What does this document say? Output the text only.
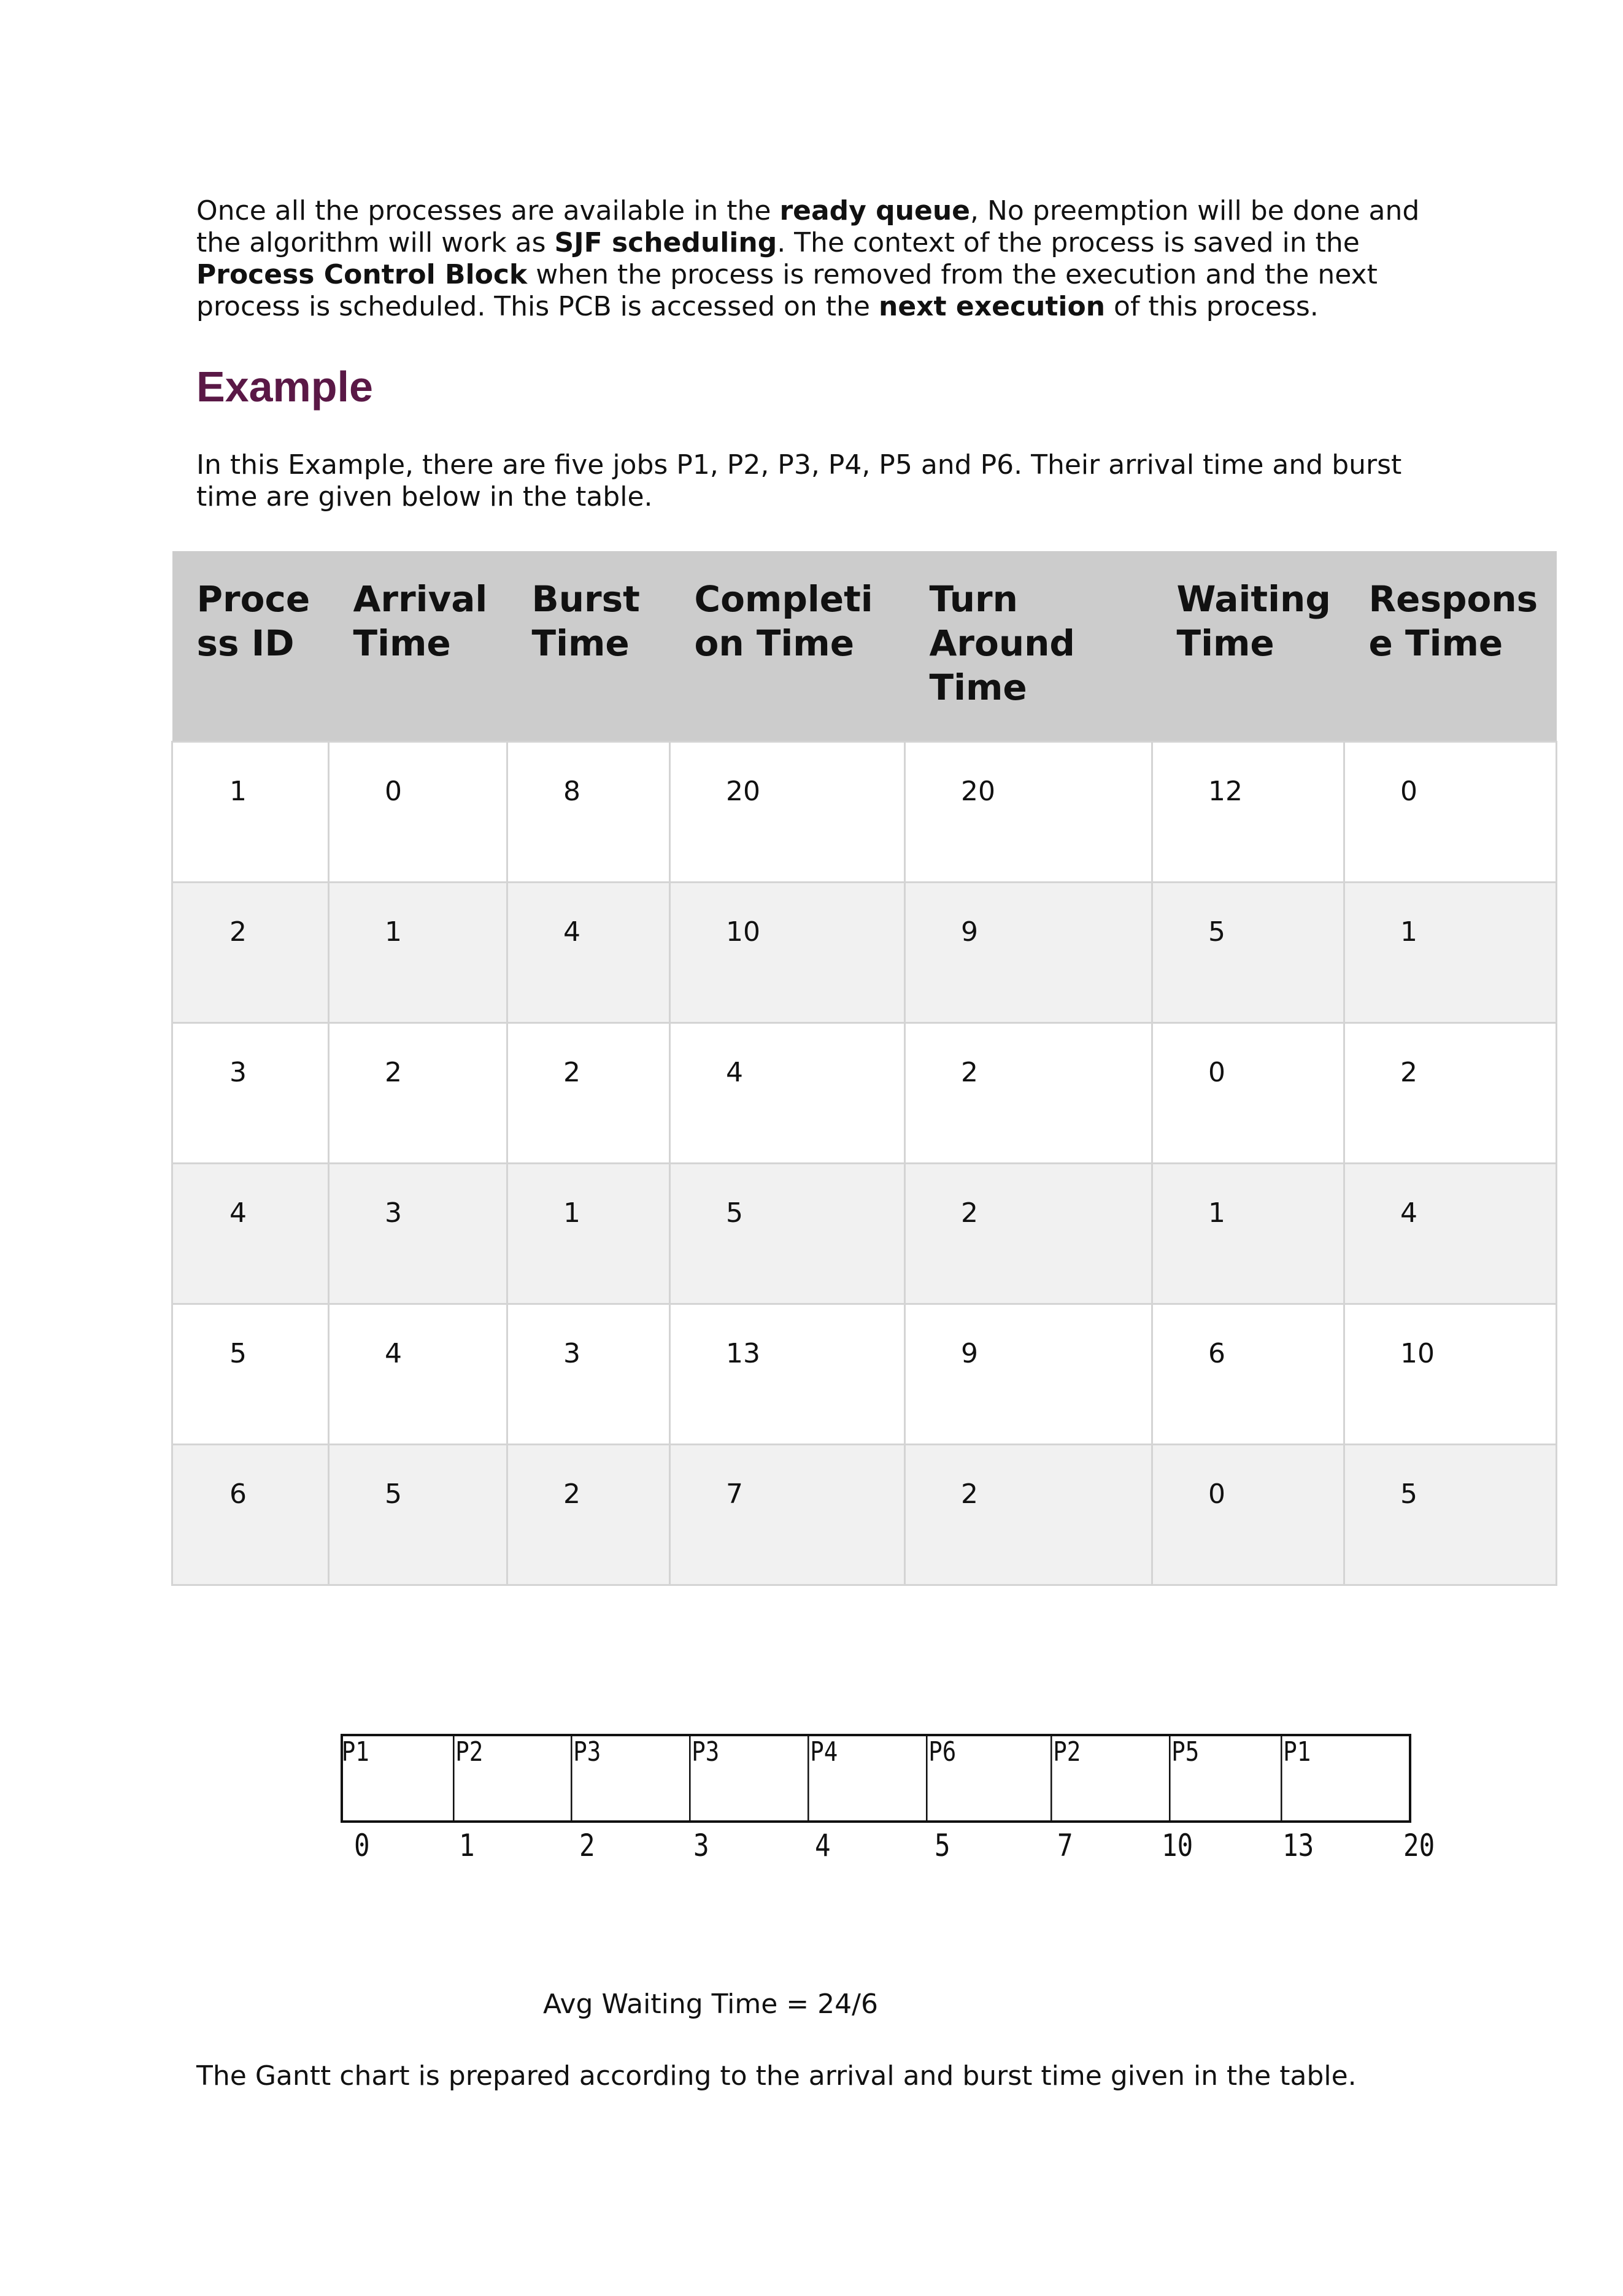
Once all the processes are available in the ready queue, No preemption will be done and the algorithm will work as SJF scheduling. The context of the process is saved in the Process Control Block when the process is removed from the execution and the next process is scheduled. This PCB is accessed on the next execution of this process.

Example

In this Example, there are five jobs P1, P2, P3, P4, P5 and P6. Their arrival time and burst time are given below in the table.

Process ID	Arrival Time	Burst Time	Completion Time	Turn Around Time	Waiting Time	Response Time
1	0	8	20	20	12	0
2	1	4	10	9	5	1
3	2	2	4	2	0	2
4	3	1	5	2	1	4
5	4	3	13	9	6	10
6	5	2	7	2	0	5
P1	P2	P3	P3	P4	P6	P2	P5	P1
0	1	2	3	4	5	7	10	13	20
Avg Waiting Time = 24/6

The Gantt chart is prepared according to the arrival and burst time given in the table.
